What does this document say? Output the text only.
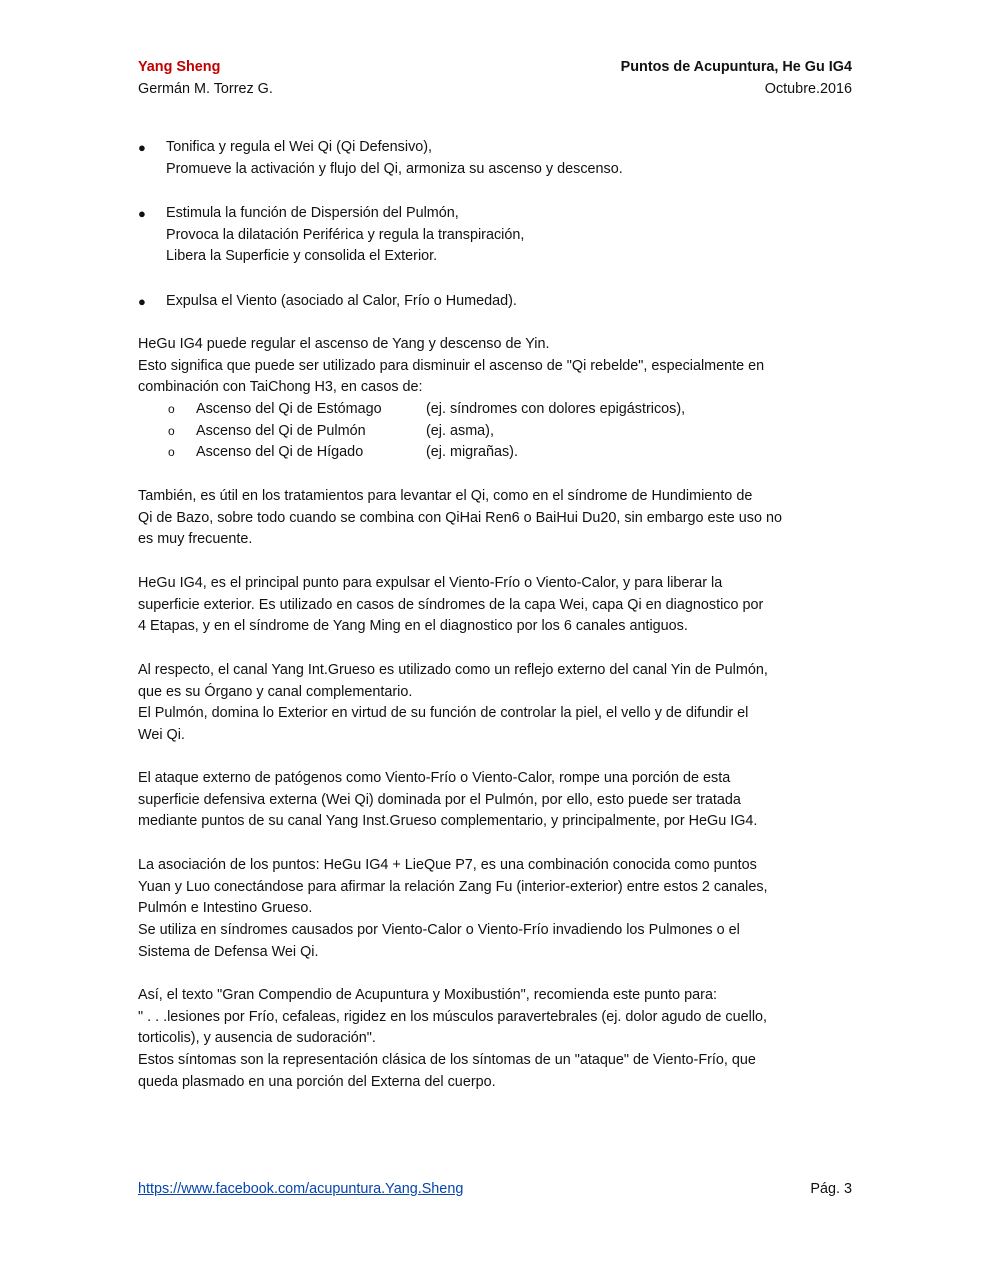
Yang Sheng
Germán M. Torrez G.
Puntos de Acupuntura, He Gu IG4
Octubre.2016
● Tonifica y regula el Wei Qi (Qi Defensivo),
Promueve la activación y flujo del Qi, armoniza su ascenso y descenso.
● Estimula la función de Dispersión del Pulmón,
Provoca la dilatación Periférica y regula la transpiración,
Libera la Superficie y consolida el Exterior.
● Expulsa el Viento (asociado al Calor, Frío o Humedad).
HeGu IG4 puede regular el ascenso de Yang y descenso de Yin.
Esto significa que puede ser utilizado para disminuir el ascenso de "Qi rebelde", especialmente en
combinación con TaiChong H3, en casos de:
o Ascenso del Qi de Estómago	(ej. síndromes con dolores epigástricos),
o Ascenso del Qi de Pulmón	(ej. asma),
o Ascenso del Qi de Hígado	(ej. migrañas).
También, es útil en los tratamientos para levantar el Qi, como en el síndrome de Hundimiento de
Qi de Bazo, sobre todo cuando se combina con QiHai Ren6 o BaiHui Du20, sin embargo este uso no
es muy frecuente.
HeGu IG4, es el principal punto para expulsar el Viento-Frío o Viento-Calor, y para liberar la
superficie exterior. Es utilizado en casos de síndromes de la capa Wei, capa Qi en diagnostico por
4 Etapas, y en el síndrome de Yang Ming en el diagnostico por los 6 canales antiguos.
Al respecto, el canal Yang Int.Grueso es utilizado como un reflejo externo del canal Yin de Pulmón,
que es su Órgano y canal complementario.
El Pulmón, domina lo Exterior en virtud de su función de controlar la piel, el vello y de difundir el
Wei Qi.
El ataque externo de patógenos como Viento-Frío o Viento-Calor, rompe una porción de esta
superficie defensiva externa (Wei Qi) dominada por el Pulmón, por ello, esto puede ser tratada
mediante puntos de su canal Yang Inst.Grueso complementario, y principalmente, por HeGu IG4.
La asociación de los puntos: HeGu IG4 + LieQue P7, es una combinación conocida como puntos
Yuan y Luo conectándose para afirmar la relación Zang Fu (interior-exterior) entre estos 2 canales,
Pulmón e Intestino Grueso.
Se utiliza en síndromes causados por Viento-Calor o Viento-Frío invadiendo los Pulmones o el
Sistema de Defensa Wei Qi.
Así, el texto "Gran Compendio de Acupuntura y Moxibustión", recomienda este punto para:
" . . .lesiones por Frío, cefaleas, rigidez en los músculos paravertebrales (ej. dolor agudo de cuello,
torticolis), y ausencia de sudoración".
Estos síntomas son la representación clásica de los síntomas de un "ataque" de Viento-Frío, que
queda plasmado en una porción del Externa del cuerpo.
https://www.facebook.com/acupuntura.Yang.Sheng	Pág. 3
